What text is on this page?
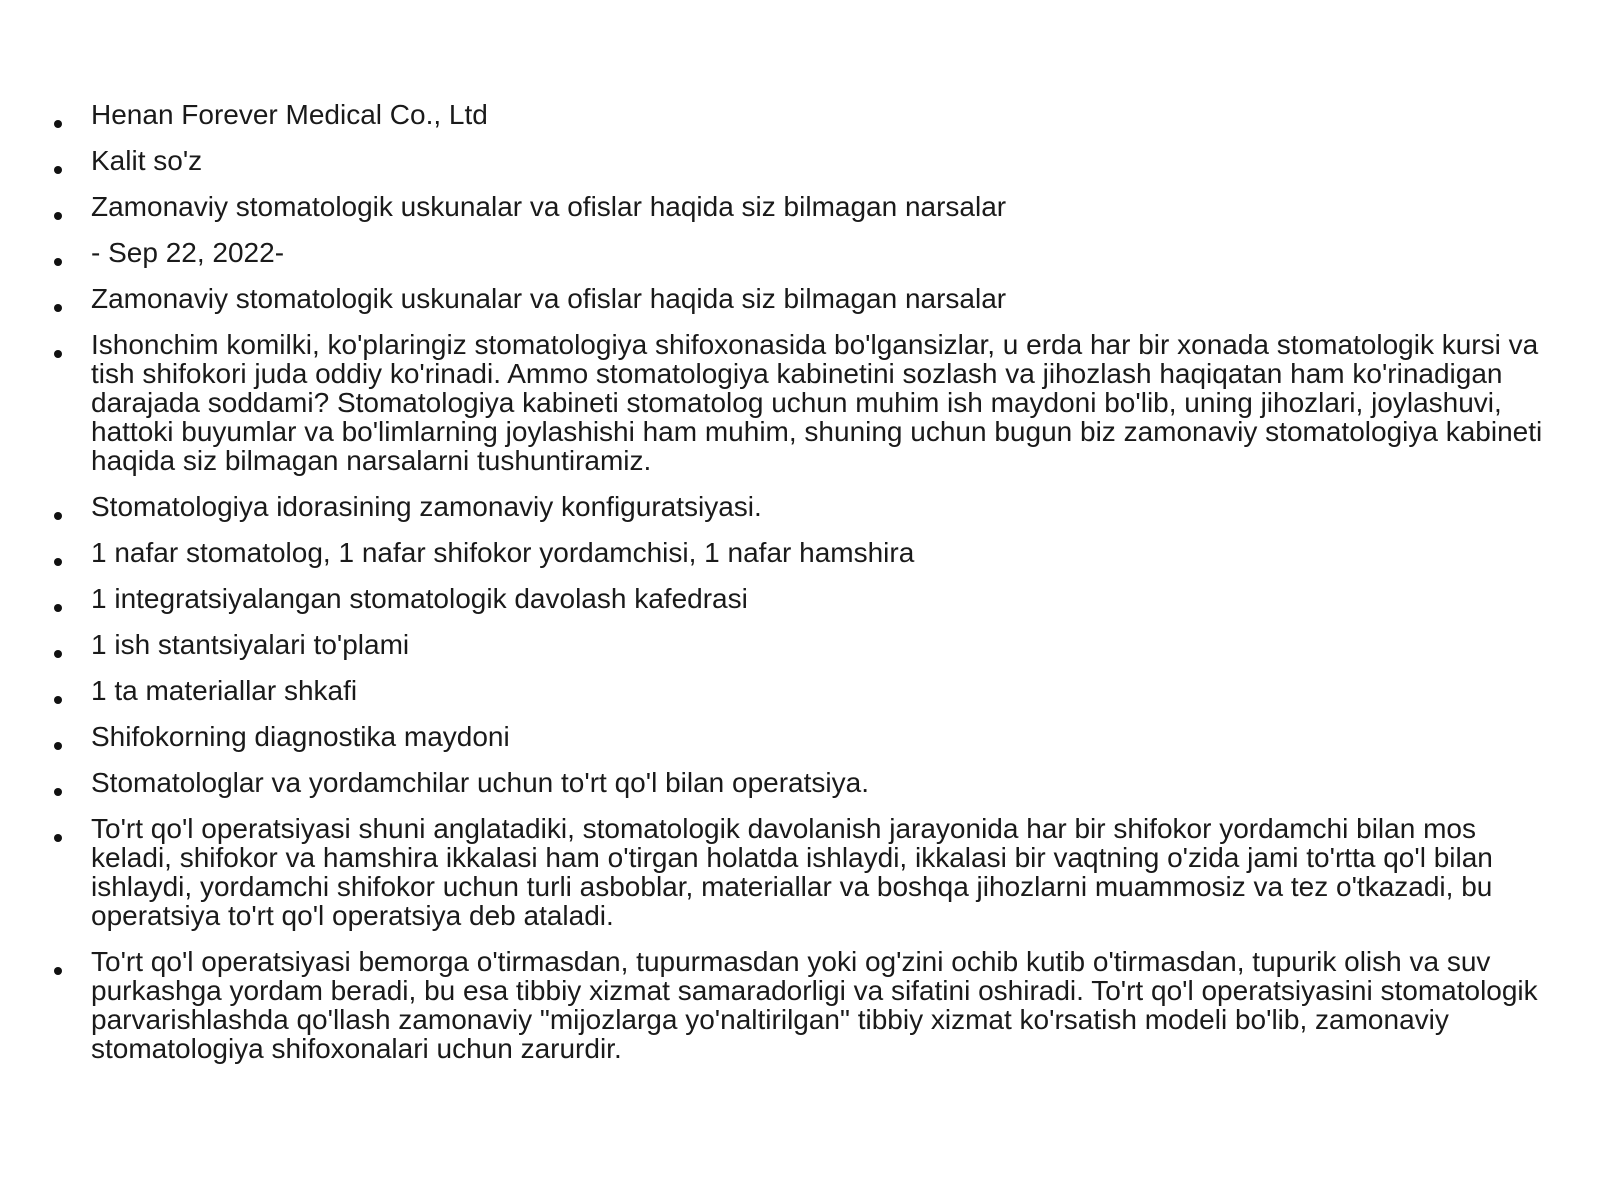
Henan Forever Medical Co., Ltd
Kalit so'z
Zamonaviy stomatologik uskunalar va ofislar haqida siz bilmagan narsalar
- Sep 22, 2022-
Zamonaviy stomatologik uskunalar va ofislar haqida siz bilmagan narsalar
Ishonchim komilki, ko'plaringiz stomatologiya shifoxonasida bo'lgansizlar, u erda har bir xonada stomatologik kursi va tish shifokori juda oddiy ko'rinadi. Ammo stomatologiya kabinetini sozlash va jihozlash haqiqatan ham ko'rinadigan darajada soddami? Stomatologiya kabineti stomatolog uchun muhim ish maydoni bo'lib, uning jihozlari, joylashuvi, hattoki buyumlar va bo'limlarning joylashishi ham muhim, shuning uchun bugun biz zamonaviy stomatologiya kabineti haqida siz bilmagan narsalarni tushuntiramiz.
Stomatologiya idorasining zamonaviy konfiguratsiyasi.
1 nafar stomatolog, 1 nafar shifokor yordamchisi, 1 nafar hamshira
1 integratsiyalangan stomatologik davolash kafedrasi
1 ish stantsiyalari to'plami
1 ta materiallar shkafi
Shifokorning diagnostika maydoni
Stomatologlar va yordamchilar uchun to'rt qo'l bilan operatsiya.
To'rt qo'l operatsiyasi shuni anglatadiki, stomatologik davolanish jarayonida har bir shifokor yordamchi bilan mos keladi, shifokor va hamshira ikkalasi ham o'tirgan holatda ishlaydi, ikkalasi bir vaqtning o'zida jami to'rtta qo'l bilan ishlaydi, yordamchi shifokor uchun turli asboblar, materiallar va boshqa jihozlarni muammosiz va tez o'tkazadi, bu operatsiya to'rt qo'l operatsiya deb ataladi.
To'rt qo'l operatsiyasi bemorga o'tirmasdan, tupurmasdan yoki og'zini ochib kutib o'tirmasdan, tupurik olish va suv purkashga yordam beradi, bu esa tibbiy xizmat samaradorligi va sifatini oshiradi. To'rt qo'l operatsiyasini stomatologik parvarishlashda qo'llash zamonaviy "mijozlarga yo'naltirilgan" tibbiy xizmat ko'rsatish modeli bo'lib, zamonaviy stomatologiya shifoxonalari uchun zarurdir.
